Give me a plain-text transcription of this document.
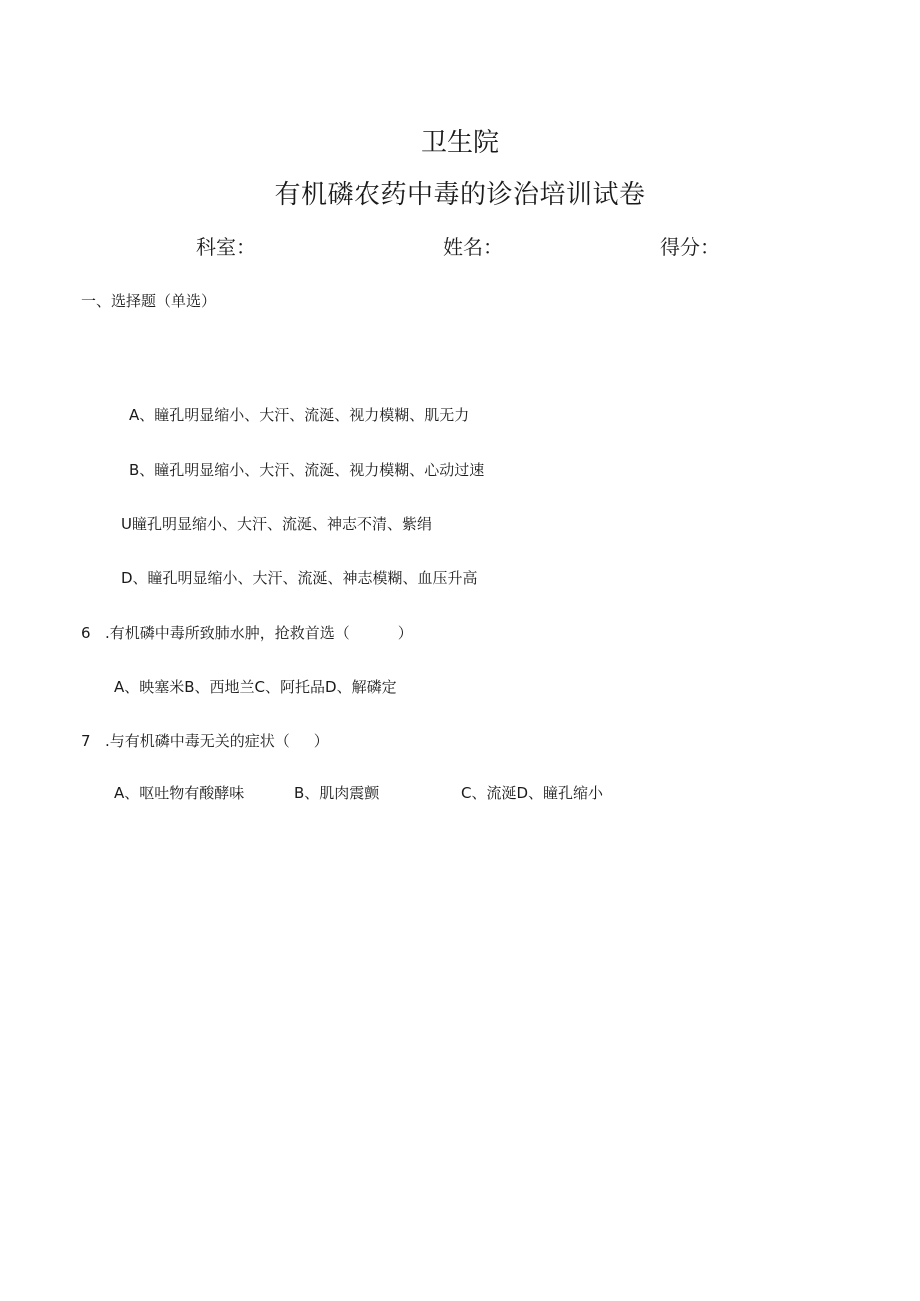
卫生院
有机磷农药中毒的诊治培训试卷
科室：	姓名：	得分：
一、选择题（单选）
A、瞳孔明显缩小、大汗、流涎、视力模糊、肌无力
B、瞳孔明显缩小、大汗、流涎、视力模糊、心动过速
U瞳孔明显缩小、大汗、流涎、神志不清、紫绢
D、瞳孔明显缩小、大汗、流涎、神志模糊、血压升高
6 .有机磷中毒所致肺水肿，抢救首选（	）
A、映塞米B、西地兰C、阿托品D、解磷定
7 .与有机磷中毒无关的症状（ ）
A、呕吐物有酸酵味	B、肌肉震颤	C、流涎D、瞳孔缩小
